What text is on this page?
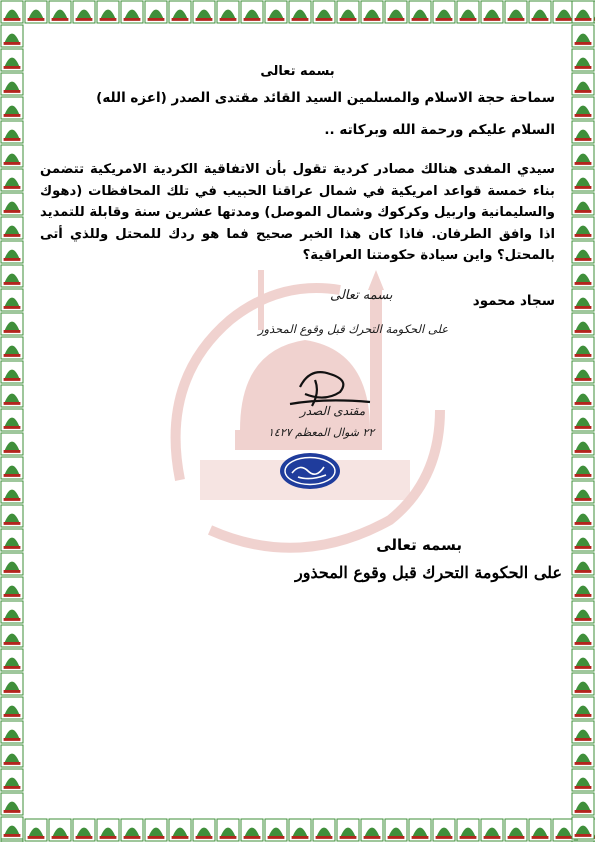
بسمه تعالى
سماحة حجة الاسلام والمسلمين السيد القائد مقتدى الصدر (اعزه الله)
السلام عليكم ورحمة الله وبركاته ..
سيدي المفدى هنالك مصادر كردية تقول بأن الاتفاقية الكردية الامريكية تتضمن بناء خمسة قواعد امريكية في شمال عراقنا الحبيب في تلك المحافظات (دهوك والسليمانية واربيل وكركوك وشمال الموصل) ومدتها عشرين سنة وقابلة للتمديد اذا وافق الطرفان. فاذا كان هذا الخبر صحيح فما هو ردك للمحتل وللذي أتى بالمحتل؟ واين سيادة حكومتنا العراقية؟
سجاد محمود
بسمه تعالى
على الحكومة التحرك قبل وقوع المحذور
مقتدى الصدر
٢٢ شوال المعظم ١٤٢٧
بسمه تعالى
على الحكومة التحرك قبل وقوع المحذور
